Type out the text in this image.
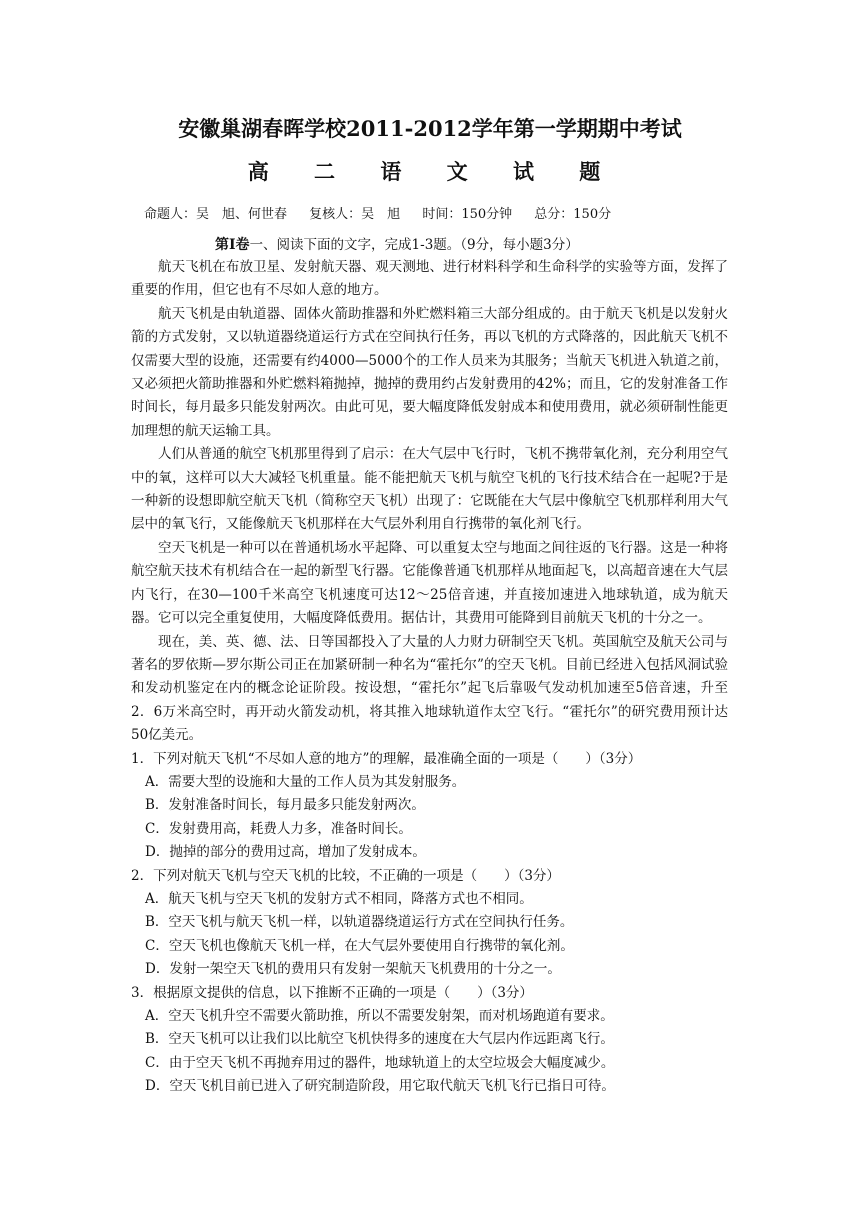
安徽巢湖春晖学校2011-2012学年第一学期期中考试
高 二 语 文 试 题
命题人：吴　旭、何世春 复核人：吴　旭 时间：150分钟 总分：150分
第Ⅰ卷一、阅读下面的文字，完成1-3题。（9分，每小题3分）

航天飞机在布放卫星、发射航天器、观天测地、进行材料科学和生命科学的实验等方面，发挥了重要的作用，但它也有不尽如人意的地方。

航天飞机是由轨道器、固体火箭助推器和外贮燃料箱三大部分组成的。由于航天飞机是以发射火箭的方式发射，又以轨道器绕道运行方式在空间执行任务，再以飞机的方式降落的，因此航天飞机不仅需要大型的设施，还需要有约4000—5000个的工作人员来为其服务；当航天飞机进入轨道之前，又必须把火箭助推器和外贮燃料箱抛掉，抛掉的费用约占发射费用的42%；而且，它的发射准备工作时间长，每月最多只能发射两次。由此可见，要大幅度降低发射成本和使用费用，就必须研制性能更加理想的航天运输工具。

人们从普通的航空飞机那里得到了启示：在大气层中飞行时，飞机不携带氧化剂，充分利用空气中的氧，这样可以大大减轻飞机重量。能不能把航天飞机与航空飞机的飞行技术结合在一起呢?于是一种新的设想即航空航天飞机（简称空天飞机）出现了：它既能在大气层中像航空飞机那样利用大气层中的氧飞行，又能像航天飞机那样在大气层外利用自行携带的氧化剂飞行。

空天飞机是一种可以在普通机场水平起降、可以重复太空与地面之间往返的飞行器。这是一种将航空航天技术有机结合在一起的新型飞行器。它能像普通飞机那样从地面起飞，以高超音速在大气层内飞行，在30—100千米高空飞机速度可达12～25倍音速，并直接加速进入地球轨道，成为航天器。它可以完全重复使用，大幅度降低费用。据估计，其费用可能降到目前航天飞机的十分之一。

现在，美、英、德、法、日等国都投入了大量的人力财力研制空天飞机。英国航空及航天公司与著名的罗依斯—罗尔斯公司正在加紧研制一种名为“霍托尔”的空天飞机。目前已经进入包括风洞试验和发动机鉴定在内的概念论证阶段。按设想，“霍托尔”起飞后靠吸气发动机加速至5倍音速，升至2．6万米高空时，再开动火箭发动机，将其推入地球轨道作太空飞行。“霍托尔”的研究费用预计达50亿美元。

1．下列对航天飞机“不尽如人意的地方”的理解，最准确全面的一项是（　　）（3分）
A．需要大型的设施和大量的工作人员为其发射服务。
B．发射准备时间长，每月最多只能发射两次。
C．发射费用高，耗费人力多，准备时间长。
D．抛掉的部分的费用过高，增加了发射成本。
2．下列对航天飞机与空天飞机的比较，不正确的一项是（　　）（3分）
A．航天飞机与空天飞机的发射方式不相同，降落方式也不相同。
B．空天飞机与航天飞机一样，以轨道器绕道运行方式在空间执行任务。
C．空天飞机也像航天飞机一样，在大气层外要使用自行携带的氧化剂。
D．发射一架空天飞机的费用只有发射一架航天飞机费用的十分之一。
3．根据原文提供的信息，以下推断不正确的一项是（　　）（3分）
A．空天飞机升空不需要火箭助推，所以不需要发射架，而对机场跑道有要求。
B．空天飞机可以让我们以比航空飞机快得多的速度在大气层内作远距离飞行。
C．由于空天飞机不再抛弃用过的器件，地球轨道上的太空垃圾会大幅度减少。
D．空天飞机目前已进入了研究制造阶段，用它取代航天飞机飞行已指日可待。
